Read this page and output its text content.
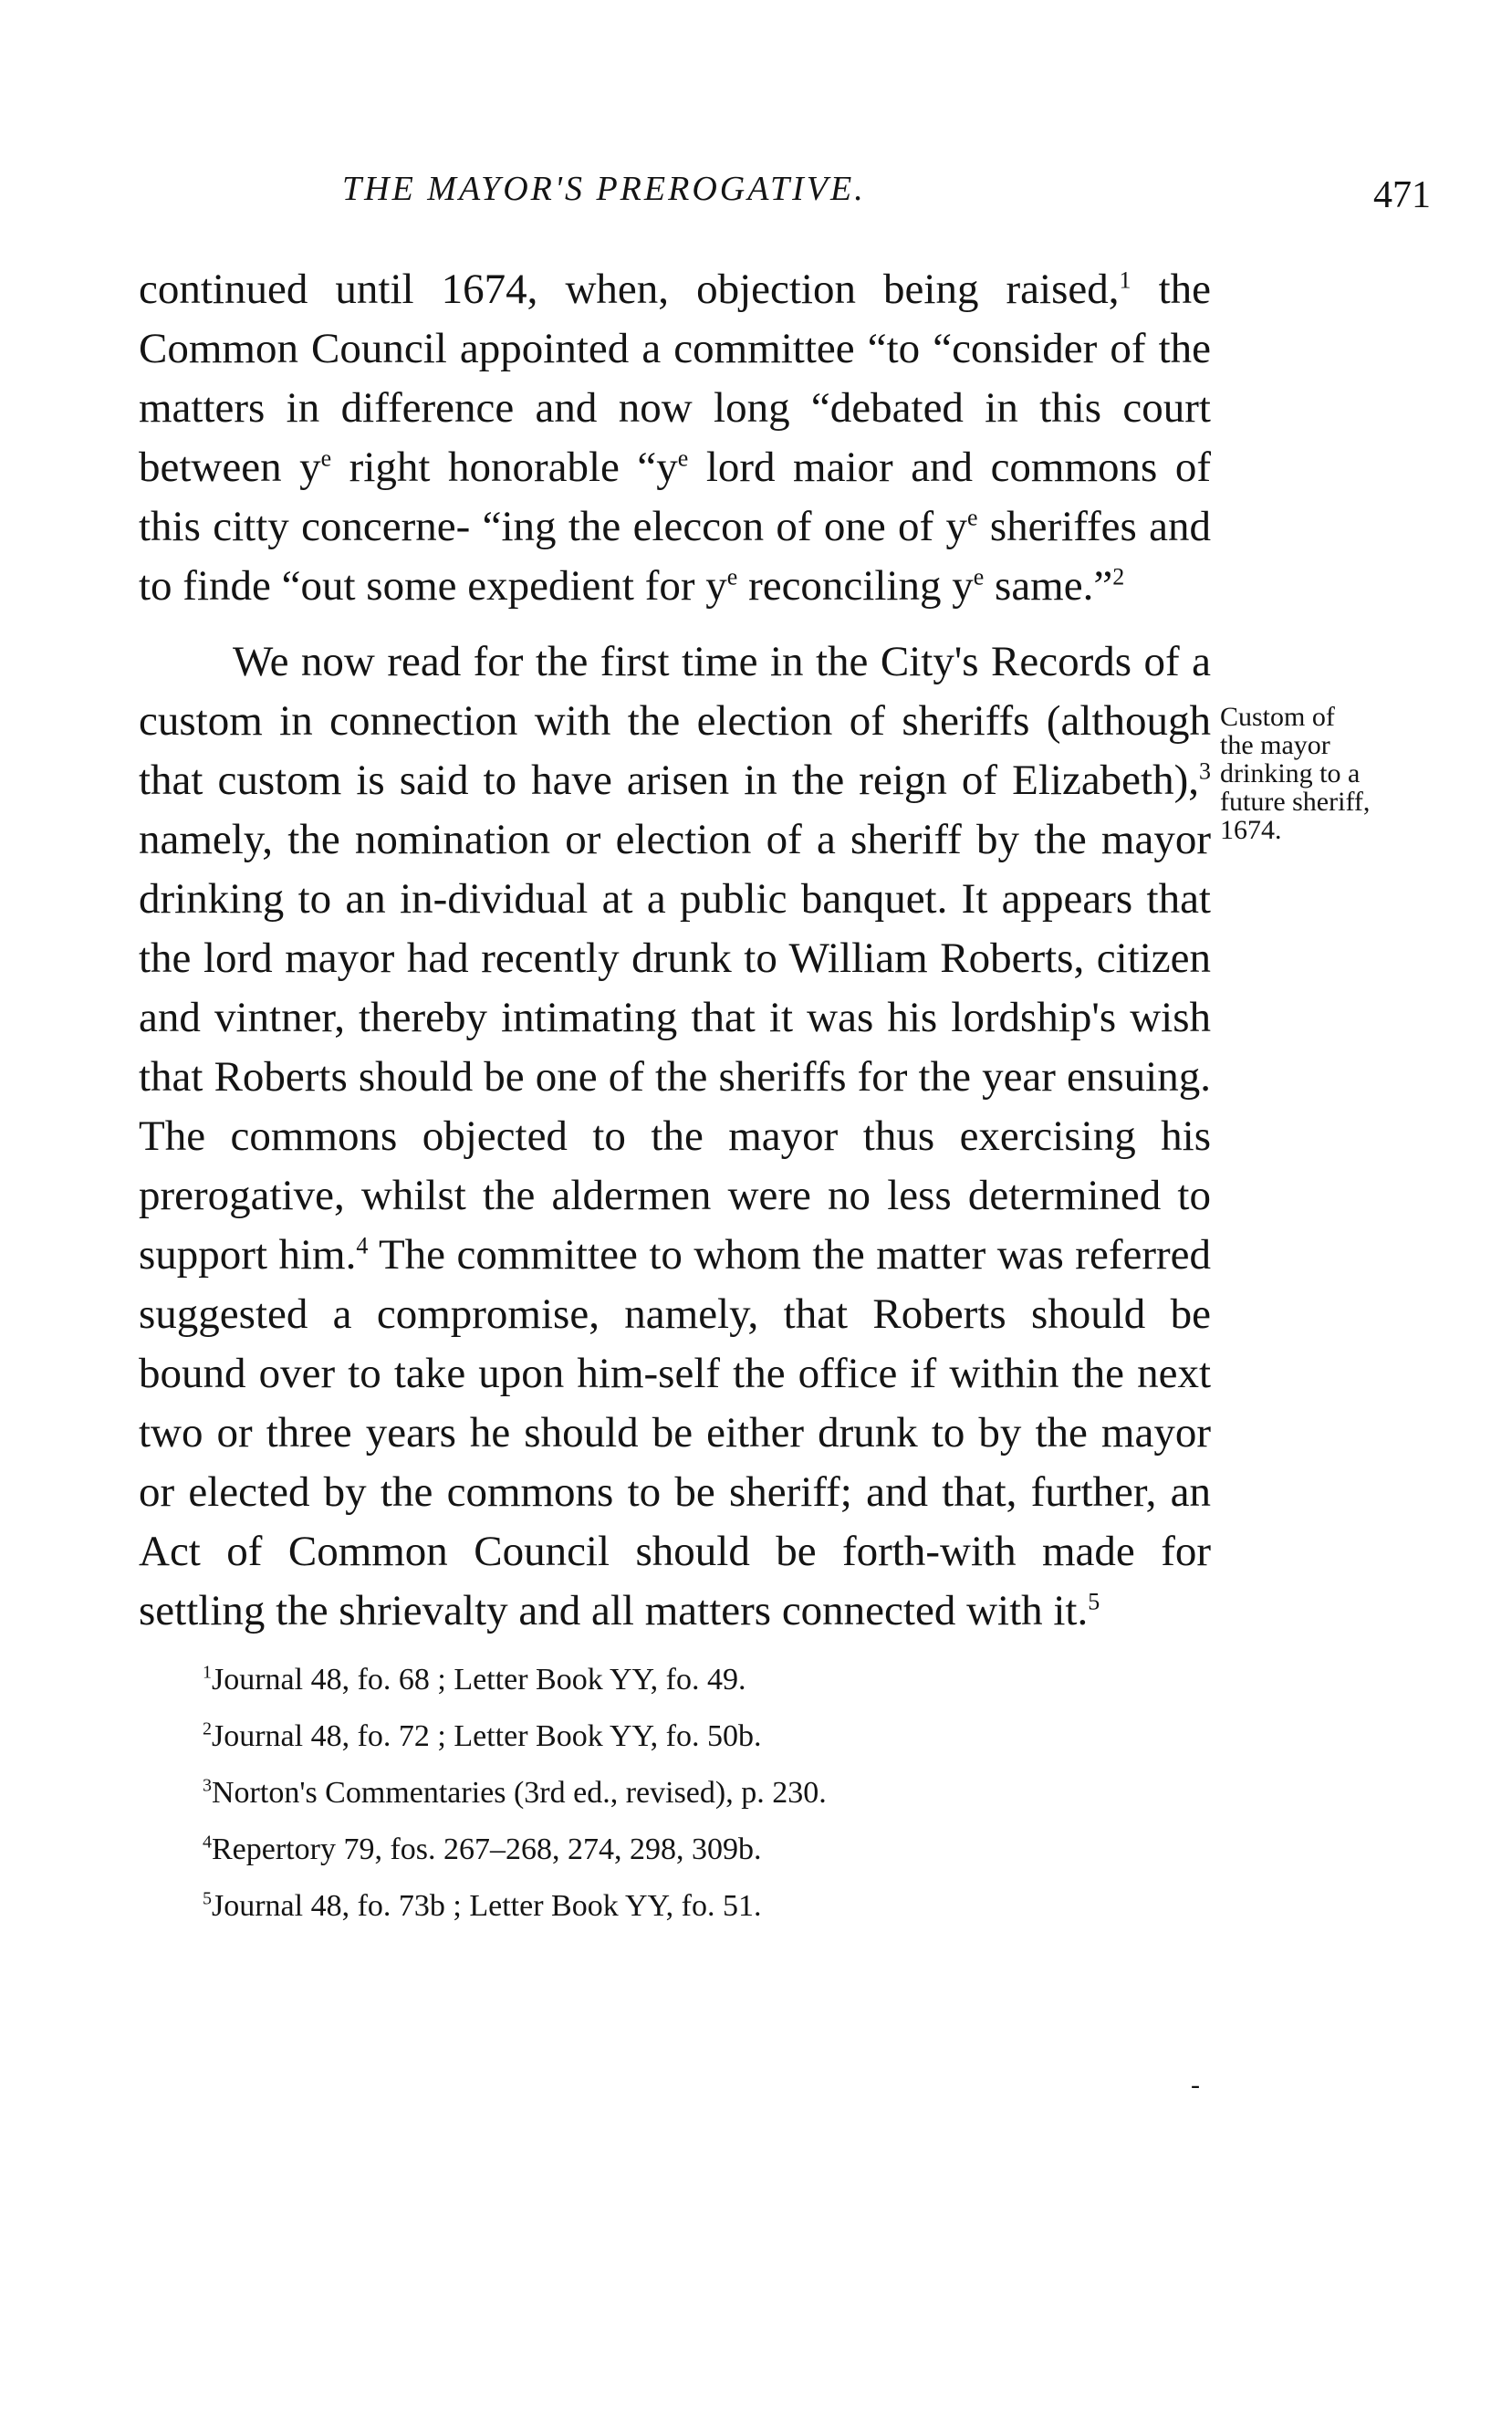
THE MAYOR'S PREROGATIVE.	471

continued until 1674, when, objection being raised,$^1$ the Common Council appointed a committee “to “consider of the matters in difference and now long “debated in this court between $y^e$ right honorable “$y^e$ lord maior and commons of this citty concerne- “ing the eleccon of one of $y^e$ sheriffes and to finde “out some expedient for $y^e$ reconciling $y^e$ same.”$^2$

We now read for the first time in the City's Records of a custom in connection with the election of sheriffs (although that custom is said to have arisen in the reign of Elizabeth),$^3$ namely, the nomination or election of a sheriff by the mayor drinking to an in-dividual at a public banquet. It appears that the lord mayor had recently drunk to William Roberts, citizen and vintner, thereby intimating that it was his lordship's wish that Roberts should be one of the sheriffs for the year ensuing. The commons objected to the mayor thus exercising his prerogative, whilst the aldermen were no less determined to support him.$^4$ The committee to whom the matter was referred suggested a compromise, namely, that Roberts should be bound over to take upon him-self the office if within the next two or three years he should be either drunk to by the mayor or elected by the commons to be sheriff; and that, further, an Act of Common Council should be forth-with made for settling the shrievalty and all matters connected with it.$^5$

Custom of
the mayor
drinking to a
future sheriff,
1674.

$^1$Journal 48, fo. 68 ; Letter Book YY, fo. 49.

$^2$Journal 48, fo. 72 ; Letter Book YY, fo. 50b.

$^3$Norton's Commentaries (3rd ed., revised), p. 230.

$^4$Repertory 79, fos. 267–268, 274, 298, 309b.

$^5$Journal 48, fo. 73b ; Letter Book YY, fo. 51.

-
